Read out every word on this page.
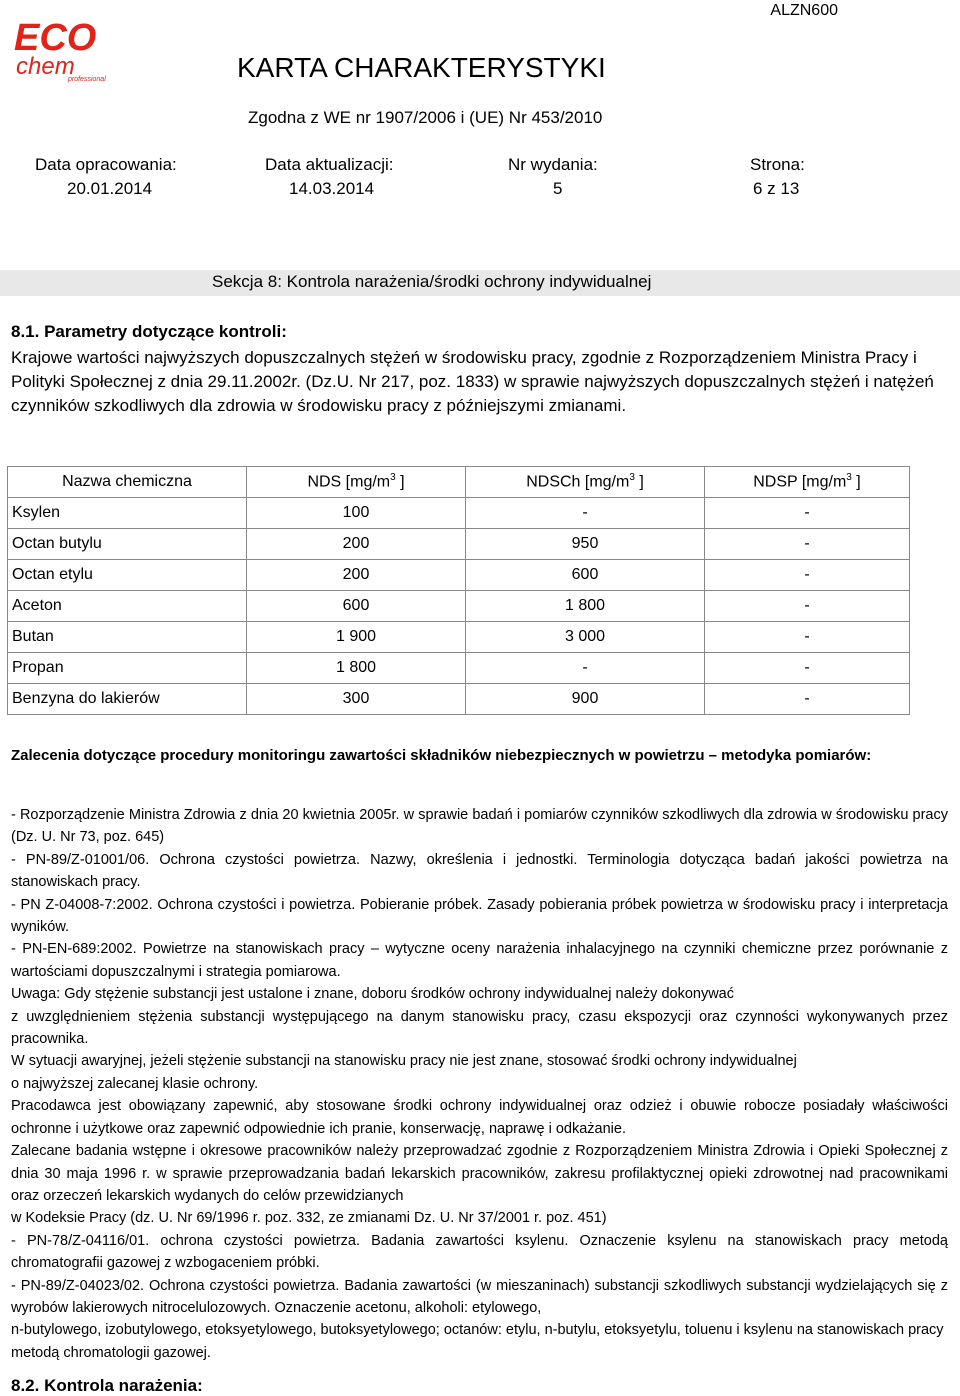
ECO
chem
professional
ALZN600
KARTA CHARAKTERYSTYKI
Zgodna z WE nr 1907/2006 i (UE) Nr 453/2010
Data opracowania:
20.01.2014
Data aktualizacji:
14.03.2014
Nr wydania:
5
Strona:
6 z 13
Sekcja 8: Kontrola narażenia/środki ochrony indywidualnej
8.1. Parametry dotyczące kontroli:
Krajowe wartości najwyższych dopuszczalnych stężeń w środowisku pracy, zgodnie z Rozporządzeniem Ministra Pracy i Polityki Społecznej z dnia 29.11.2002r. (Dz.U. Nr 217, poz. 1833) w sprawie najwyższych dopuszczalnych stężeń i natężeń czynników szkodliwych dla zdrowia w środowisku pracy z późniejszymi zmianami.
Nazwa chemiczna	NDS [$mg/m^3$ ]	NDSCh [$mg/m^3$ ]	NDSP [$mg/m^3$ ]
Ksylen	100	-	-
Octan butylu	200	950	-
Octan etylu	200	600	-
Aceton	600	1 800	-
Butan	1 900	3 000	-
Propan	1 800	-	-
Benzyna do lakierów	300	900	-
Zalecenia dotyczące procedury monitoringu zawartości składników niebezpiecznych w powietrzu – metodyka pomiarów:

- Rozporządzenie Ministra Zdrowia z dnia 20 kwietnia 2005r. w sprawie badań i pomiarów czynników szkodliwych dla zdrowia w środowisku pracy (Dz. U. Nr 73, poz. 645)

- PN-89/Z-01001/06. Ochrona czystości powietrza. Nazwy, określenia i jednostki. Terminologia dotycząca badań jakości powietrza na stanowiskach pracy.

- PN Z-04008-7:2002. Ochrona czystości i powietrza. Pobieranie próbek. Zasady pobierania próbek powietrza w środowisku pracy i interpretacja wyników.

- PN-EN-689:2002. Powietrze na stanowiskach pracy – wytyczne oceny narażenia inhalacyjnego na czynniki chemiczne przez porównanie z wartościami dopuszczalnymi i strategia pomiarowa.

Uwaga: Gdy stężenie substancji jest ustalone i znane, doboru środków ochrony indywidualnej należy dokonywać

z uwzględnieniem stężenia substancji występującego na danym stanowisku pracy, czasu ekspozycji oraz czynności wykonywanych przez pracownika.

W sytuacji awaryjnej, jeżeli stężenie substancji na stanowisku pracy nie jest znane, stosować środki ochrony indywidualnej

o najwyższej zalecanej klasie ochrony.

Pracodawca jest obowiązany zapewnić, aby stosowane środki ochrony indywidualnej oraz odzież i obuwie robocze posiadały właściwości ochronne i użytkowe oraz zapewnić odpowiednie ich pranie, konserwację, naprawę i odkażanie.

Zalecane badania wstępne i okresowe pracowników należy przeprowadzać zgodnie z Rozporządzeniem Ministra Zdrowia i Opieki Społecznej z dnia 30 maja 1996 r. w sprawie przeprowadzania badań lekarskich pracowników, zakresu profilaktycznej opieki zdrowotnej nad pracownikami oraz orzeczeń lekarskich wydanych do celów przewidzianych

w Kodeksie Pracy (dz. U. Nr 69/1996 r. poz. 332, ze zmianami Dz. U. Nr 37/2001 r. poz. 451)

- PN-78/Z-04116/01. ochrona czystości powietrza. Badania zawartości ksylenu. Oznaczenie ksylenu na stanowiskach pracy metodą chromatografii gazowej z wzbogaceniem próbki.

- PN-89/Z-04023/02. Ochrona czystości powietrza. Badania zawartości (w mieszaninach) substancji szkodliwych substancji wydzielających się z wyrobów lakierowych nitrocelulozowych. Oznaczenie acetonu, alkoholi: etylowego,

n-butylowego, izobutylowego, etoksyetylowego, butoksyetylowego; octanów: etylu, n-butylu, etoksyetylu, toluenu i ksylenu na stanowiskach pracy metodą chromatologii gazowej.

8.2. Kontrola narażenia:
